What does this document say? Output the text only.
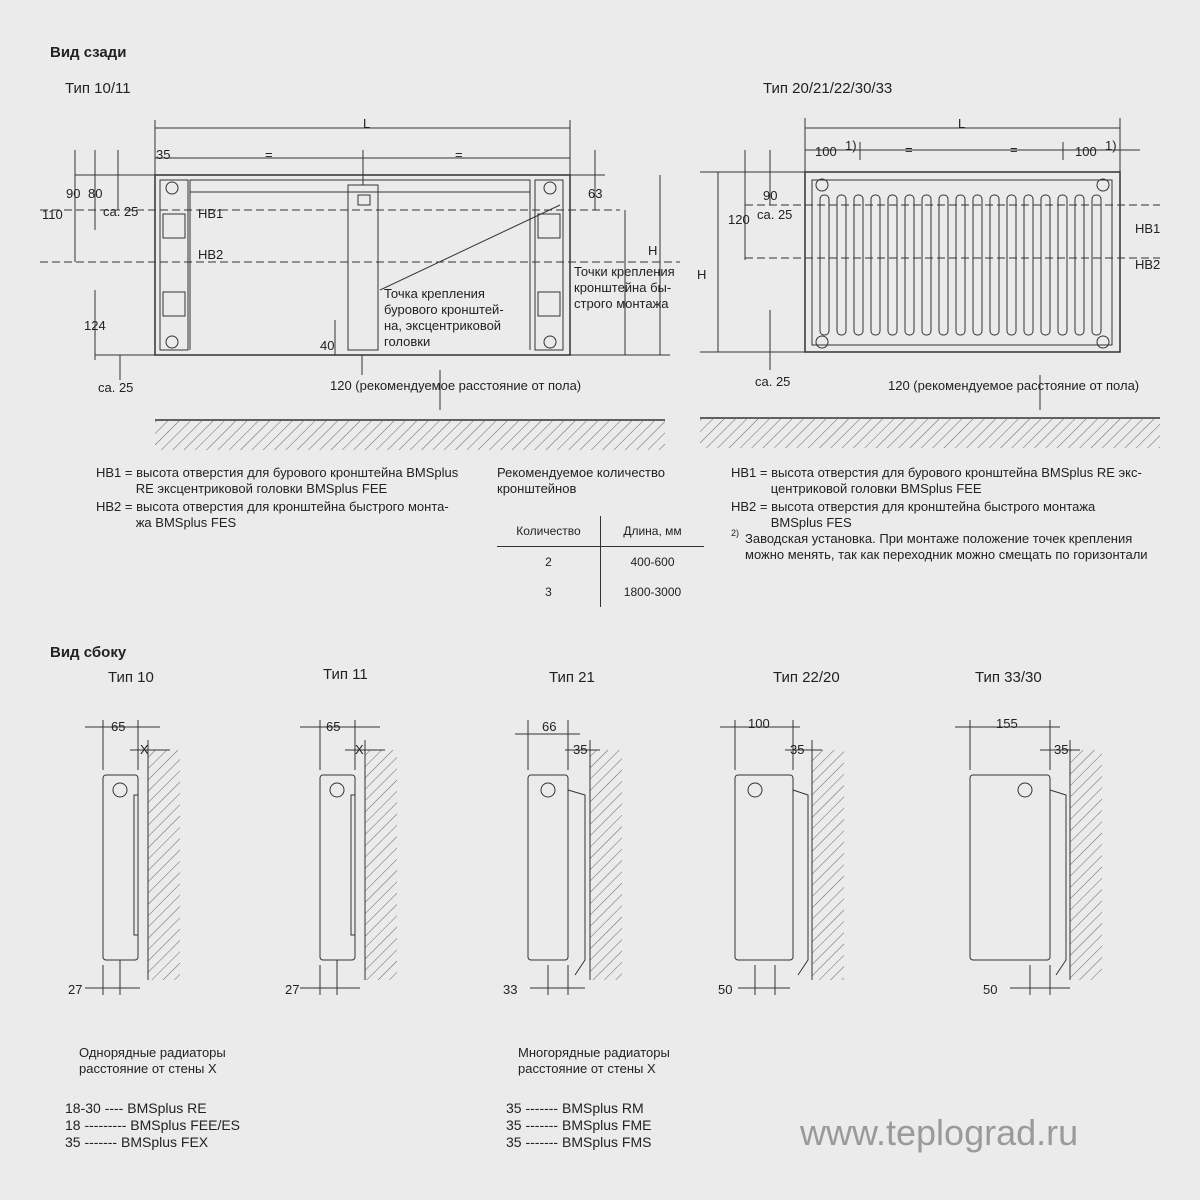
Вид сзади
Тип 10/11	Тип 20/21/22/30/33
L
35	=	=
90 80
110	ca. 25	HB1
HB2
63
H
124
40
ca. 25	120 (рекомендуемое расстояние от пола)
Точка крепления
бурового кронштей-
на, эксцентриковой
головки
Точки крепления
кронштейна бы-
строго монтажа
L
100 1)	=	=	100 1)
90
120 ca. 25
H
HB1
HB2
ca. 25	120 (рекомендуемое расстояние от пола)
HB1 = высота отверстия для бурового кронштейна BMSplus
RE эксцентриковой головки BMSplus FEE
HB2 = высота отверстия для кронштейна быстрого монта-
жа BMSplus FES
Рекомендуемое количество
кронштейнов
Количество	Длина, мм
2	400-600
3	1800-3000
HB1 = высота отверстия для бурового кронштейна BMSplus RE экс-
центриковой головки BMSplus FEE
HB2 = высота отверстия для кронштейна быстрого монтажа
BMSplus FES
2) Заводская установка. При монтаже положение точек крепления
можно менять, так как переходник можно смещать по горизонтали
Вид сбоку
Тип 10
65
X
27
Тип 11
65
X
27
Тип 21
66
35
33
Тип 22/20
100
35
50
Тип 33/30
155
35
50
Однорядные радиаторы
расстояние от стены X
18-30 ---- BMSplus RE
18 --------- BMSplus FEE/ES
35 ------- BMSplus FEX
Многорядные радиаторы
расстояние от стены X
35 ------- BMSplus RM
35 ------- BMSplus FME
35 ------- BMSplus FMS	www.teplograd.ru
